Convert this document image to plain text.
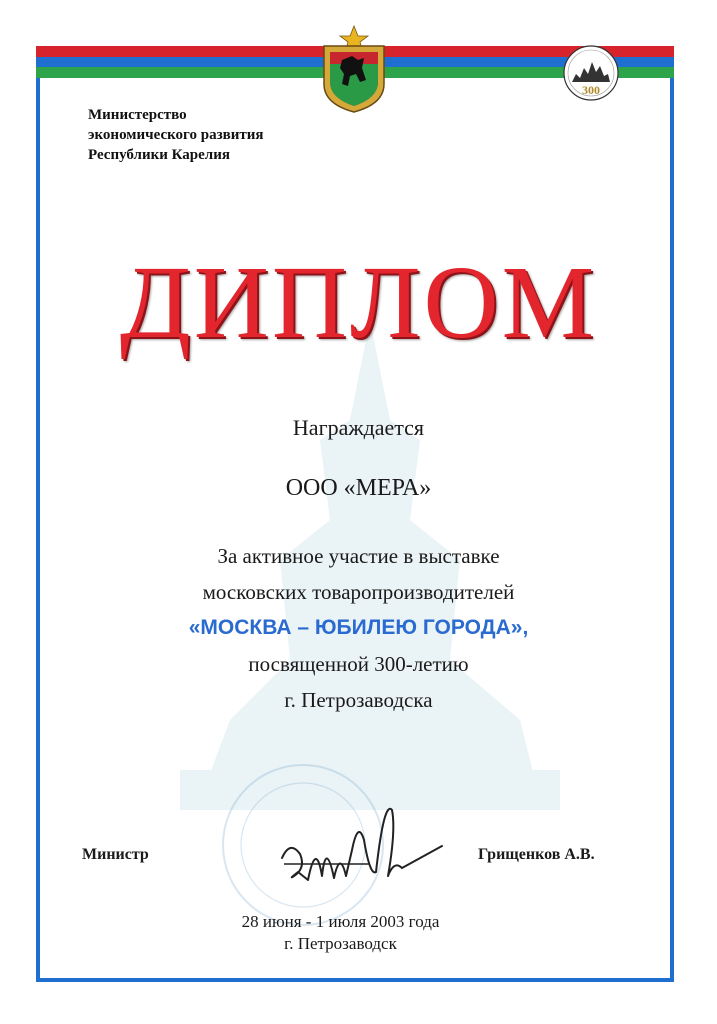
300
Министерство
экономического развития
Республики Карелия
ДИПЛОМ
Награждается
ООО «МЕРА»
За активное участие в выставке
московских товаропроизводителей
«МОСКВА – ЮБИЛЕЮ ГОРОДА»,
посвященной 300-летию
г. Петрозаводска
Министр	Грищенков А.В.
28 июня - 1 июля 2003 года
г. Петрозаводск
